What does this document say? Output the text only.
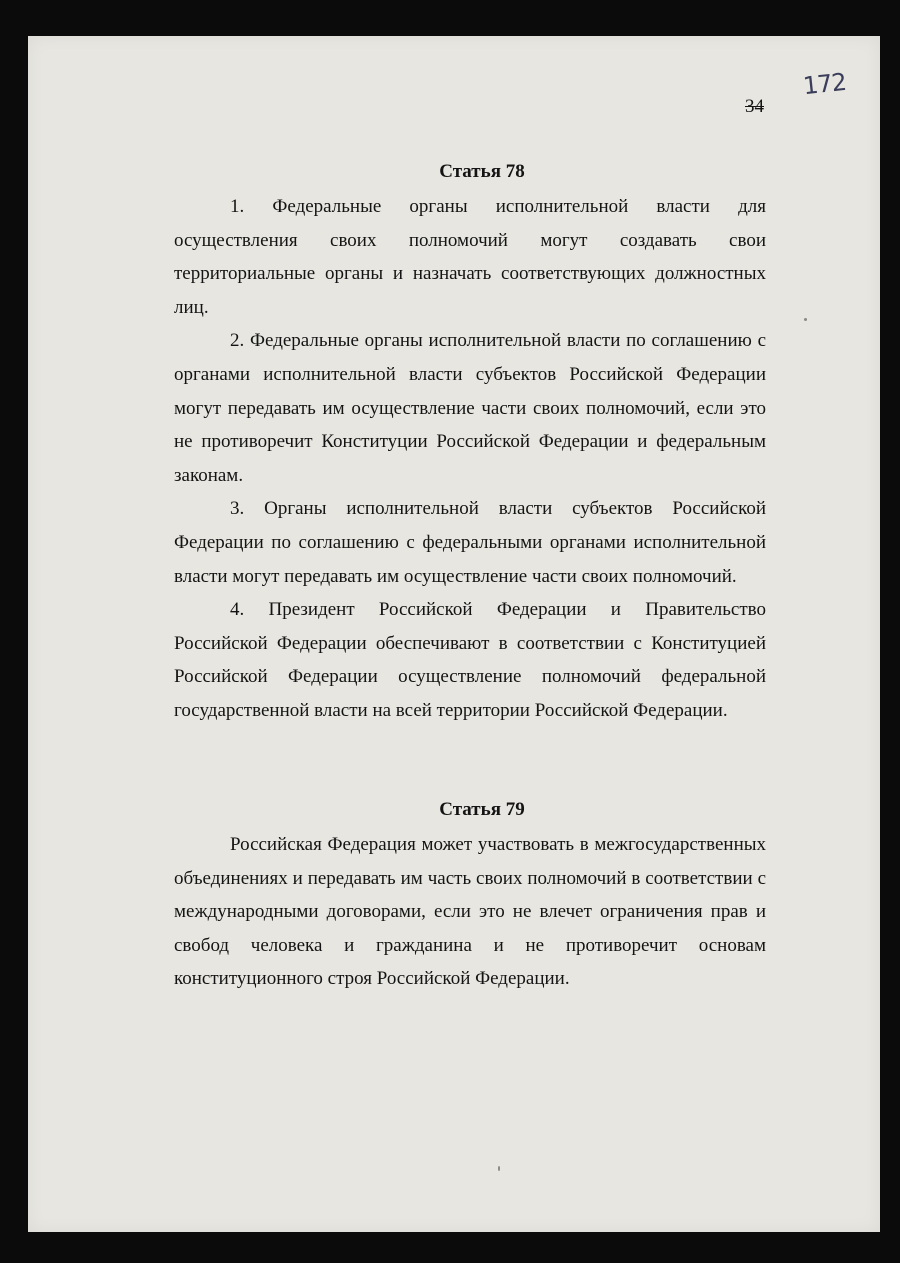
172
34
Статья 78

1. Федеральные органы исполнительной власти для осуществления своих полномочий могут создавать свои территориальные органы и назначать соответствующих должностных лиц.

2. Федеральные органы исполнительной власти по соглашению с органами исполнительной власти субъектов Российской Федерации могут передавать им осуществление части своих полномочий, если это не противоречит Конституции Российской Федерации и федеральным законам.

3. Органы исполнительной власти субъектов Российской Федерации по соглашению с федеральными органами исполнительной власти могут передавать им осуществление части своих полномочий.

4. Президент Российской Федерации и Правительство Российской Федерации обеспечивают в соответствии с Конституцией Российской Федерации осуществление полномочий федеральной государственной власти на всей территории Российской Федерации.

Статья 79

Российская Федерация может участвовать в межгосударственных объединениях и передавать им часть своих полномочий в соответствии с международными договорами, если это не влечет ограничения прав и свобод человека и гражданина и не противоречит основам конституционного строя Российской Федерации.
